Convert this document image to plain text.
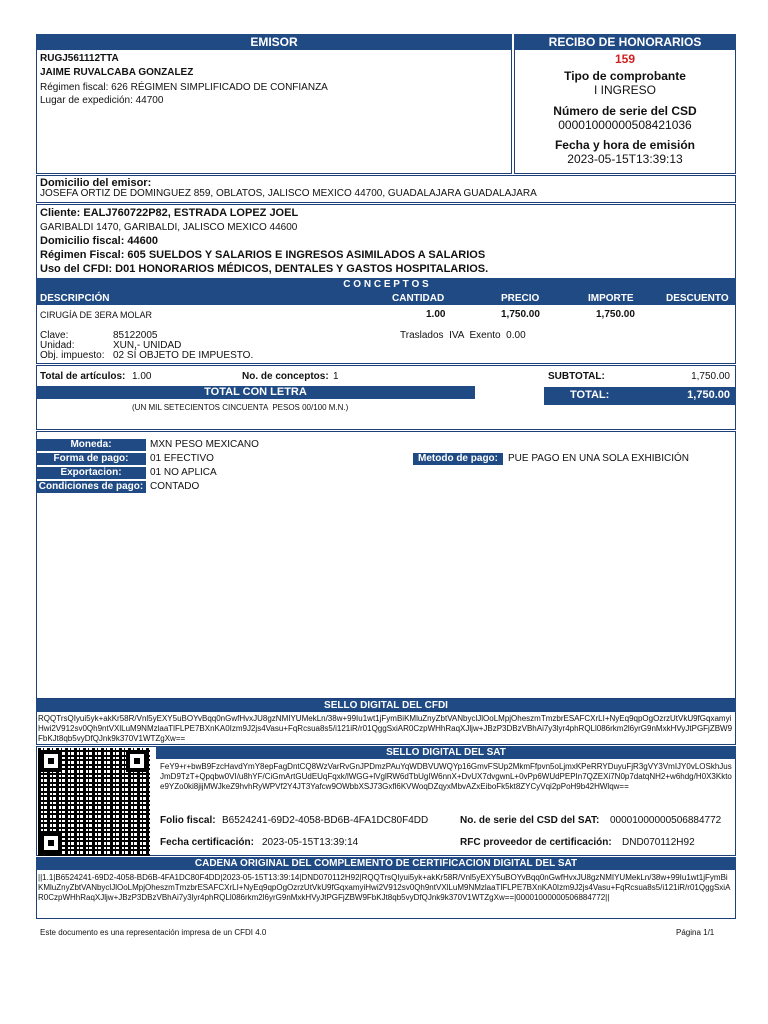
EMISOR
RUGJ561112TTA
JAIME RUVALCABA GONZALEZ
Régimen fiscal: 626 RÉGIMEN SIMPLIFICADO DE CONFIANZA
Lugar de expedición: 44700
RECIBO DE HONORARIOS
159
Tipo de comprobante
I INGRESO
Número de serie del CSD
00001000000508421036
Fecha y hora de emisión
2023-05-15T13:39:13
Domicilio del emisor:
JOSEFA ORTIZ DE DOMINGUEZ 859, OBLATOS, JALISCO MEXICO 44700, GUADALAJARA GUADALAJARA
Cliente: EALJ760722P82, ESTRADA LOPEZ JOEL
GARIBALDI 1470, GARIBALDI, JALISCO MEXICO 44600
Domicilio fiscal: 44600
Régimen Fiscal: 605 SUELDOS Y SALARIOS E INGRESOS ASIMILADOS A SALARIOS
Uso del CFDI: D01 HONORARIOS MÉDICOS, DENTALES Y GASTOS HOSPITALARIOS.
C O N C E P T O S
DESCRIPCIÓN	CANTIDAD	PRECIO	IMPORTE	DESCUENTO
CIRUGÍA DE 3ERA MOLAR	1.00	1,750.00	1,750.00
Clave:	85122005	Traslados  IVA  Exento  0.00
Unidad:	XUN,- UNIDAD
Obj. impuesto: 02 SÍ OBJETO DE IMPUESTO.
Total de artículos: 1.00	No. de conceptos: 1	SUBTOTAL:	1,750.00
TOTAL CON LETRA
(UN MIL SETECIENTOS CINCUENTA  PESOS 00/100 M.N.)
TOTAL:	1,750.00
Moneda:	MXN PESO MEXICANO
Forma de pago:	01 EFECTIVO
Exportacion:	01 NO APLICA
Condiciones de pago: CONTADO
Metodo de pago:	PUE PAGO EN UNA SOLA EXHIBICIÓN
SELLO DIGITAL DEL CFDI
RQQTrsQIyui5yk+akKr58R/Vnl5yEXY5uBOYvBqq0nGwfHvxJU8gzNMIYUMekLn/38w+99Iu1wt1jFymBiKMluZnyZbtVANbyclJlOoLMpjOheszmTmzbrESAFCXrLI+NyEq9qpOgOzrzUtVkU9fGqxamyiHwi2V912sv0Qh9ntVXlLuM9NMzlaaTlFLPE7BXnKA0Izm9J2js4Vasu+FqRcsua8s5/i121iR/r01QggSxiAR0CzpWHhRaqXJljw+JBzP3DBzVBhAi7y3lyr4phRQLl086rkm2l6yrG9nMxkHVyJtPGFjZBW9FbKJt8qb5vyDfQJnk9k370V1WTZgXw==
SELLO DIGITAL DEL SAT
FeY9+r+bwB9FzcHavdYmY8epFagDntCQ8WzVarRvGnJPDmzPAuYqWDBVUWQYp16GmvFSUp2MkmFfpvn5oLjmxKPeRRYDuyuFjR3gVY3VmIJY0vLOSkhJusJmD9TzT+Qpqbw0VI/u8hYF/CiGmArtGUdEUqFqxk/lWGG+lVglRW6dTbUgIW6nnX+DvUX7dvgwnL+0vPp6WUdPEPIn7QZEXi7N0p7datqNH2+w6hdg/H0X3Kktoe9YZo0ki8jijMWJkeZ9hvhRyWPVf2Y4JT3Yafcw9OWbbXSJ73Gxfl6KVWoqDZqyxMbvAZxEiboFk5kt8ZYCyVqi2pPoH9b42HWlqw==
Folio fiscal: B6524241-69D2-4058-BD6B-4FA1DC80F4DD	No. de serie del CSD del SAT: 00001000000506884772
Fecha certificación: 2023-05-15T13:39:14	RFC proveedor de certificación: DND070112H92
CADENA ORIGINAL DEL COMPLEMENTO DE CERTIFICACION DIGITAL DEL SAT
||1.1|B6524241-69D2-4058-BD6B-4FA1DC80F4DD|2023-05-15T13:39:14|DND070112H92|RQQTrsQIyui5yk+akKr58R/Vnl5yEXY5uBOYvBqq0nGwfHvxJU8gzNMIYUMekLn/38w+99Iu1wt1jFymBiKMluZnyZbtVANbyclJlOoLMpjOheszmTmzbrESAFCXrLI+NyEq9qpOgOzrzUtVkU9fGqxamyiHwi2V912sv0Qh9ntVXlLuM9NMzlaaTlFLPE7BXnKA0Izm9J2js4Vasu+FqRcsua8s5/i121iR/r01QggSxiAR0CzpWHhRaqXJljw+JBzP3DBzVBhAi7y3lyr4phRQLl086rkm2l6yrG9nMxkHVyJtPGFjZBW9FbKJt8qb5vyDfQJnk9k370V1WTZgXw==|00001000000506884772||
Este documento es una representación impresa de un CFDI 4.0	Página 1/1
